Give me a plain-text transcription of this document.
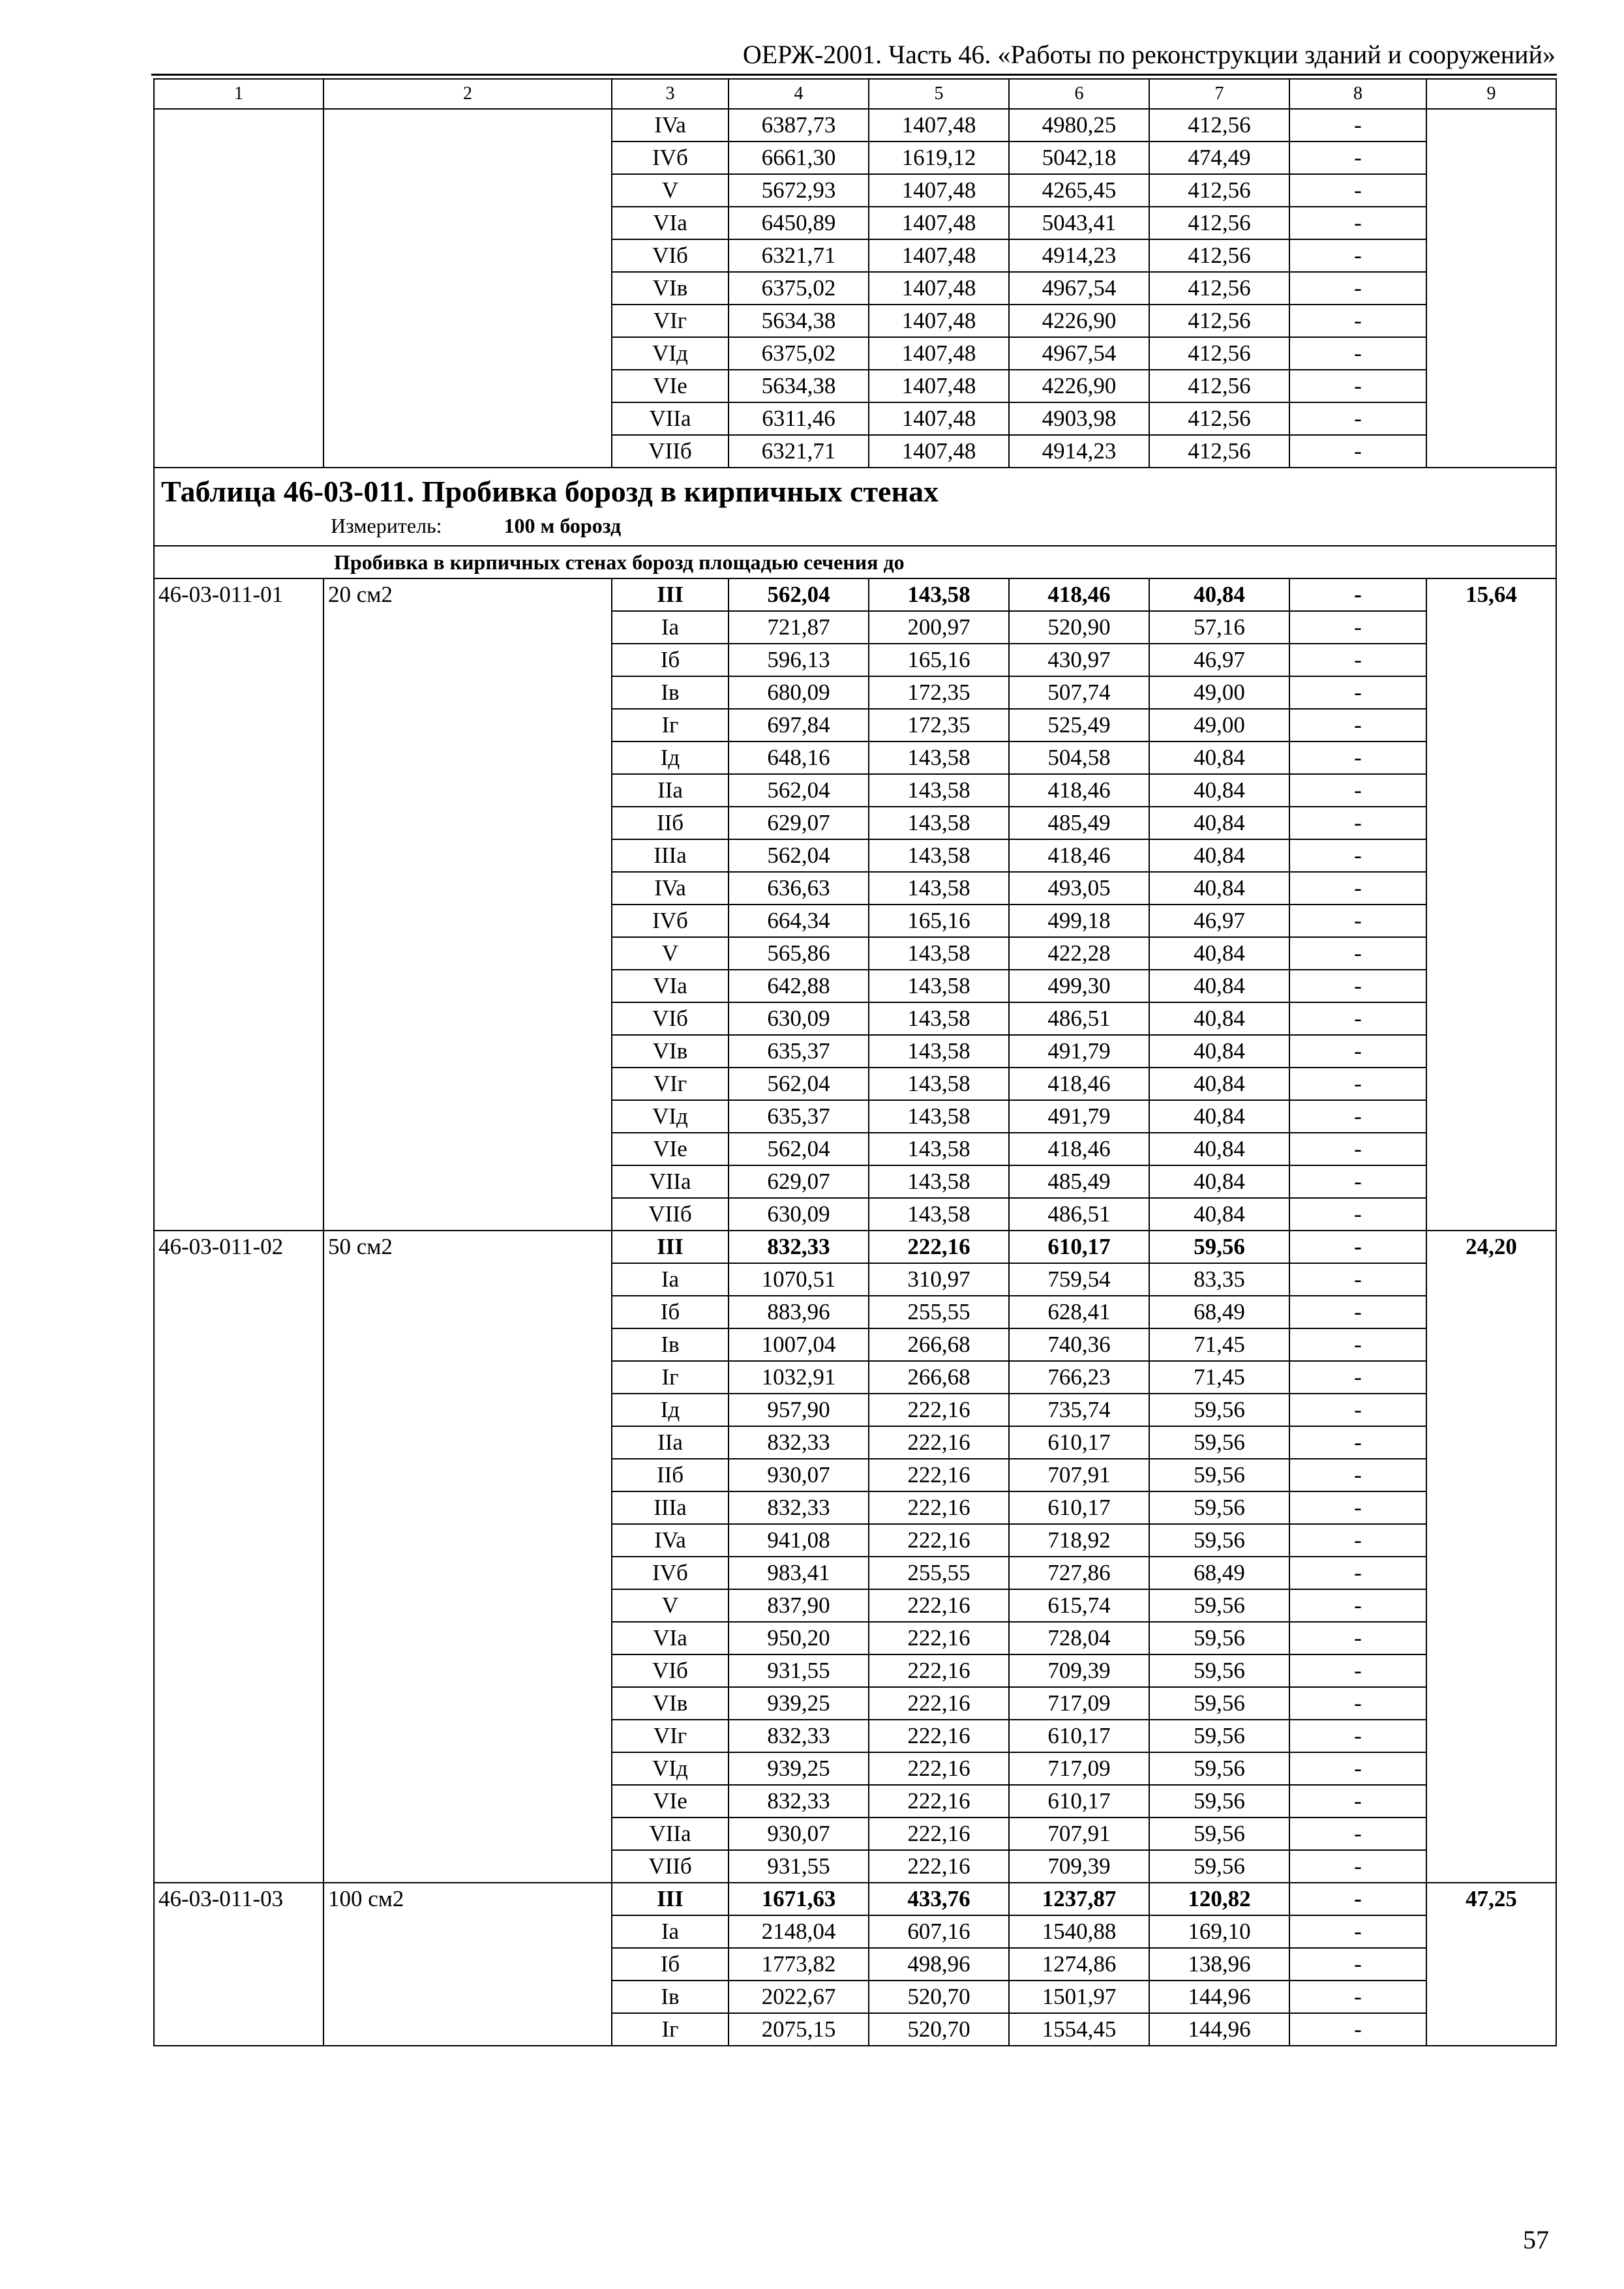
ОЕРЖ-2001. Часть 46. «Работы по реконструкции зданий и сооружений»
1	2	3	4	5	6	7	8	9
		IVa	6387,73	1407,48	4980,25	412,56	-	
		IVб	6661,30	1619,12	5042,18	474,49	-	
		V	5672,93	1407,48	4265,45	412,56	-	
		VIa	6450,89	1407,48	5043,41	412,56	-	
		VIб	6321,71	1407,48	4914,23	412,56	-	
		VIв	6375,02	1407,48	4967,54	412,56	-	
		VIг	5634,38	1407,48	4226,90	412,56	-	
		VIд	6375,02	1407,48	4967,54	412,56	-	
		VIe	5634,38	1407,48	4226,90	412,56	-	
		VIIa	6311,46	1407,48	4903,98	412,56	-	
		VIIб	6321,71	1407,48	4914,23	412,56	-	

Таблица 46-03-011. Пробивка борозд в кирпичных стенах
Измеритель: 100 м борозд								

Пробивка в кирпичных стенах борозд площадью сечения до								
46-03-011-01	20 см2	III	562,04	143,58	418,46	40,84	-	15,64
		Ia	721,87	200,97	520,90	57,16	-	
		Iб	596,13	165,16	430,97	46,97	-	
		Iв	680,09	172,35	507,74	49,00	-	
		Iг	697,84	172,35	525,49	49,00	-	
		Iд	648,16	143,58	504,58	40,84	-	
		IIa	562,04	143,58	418,46	40,84	-	
		IIб	629,07	143,58	485,49	40,84	-	
		IIIa	562,04	143,58	418,46	40,84	-	
		IVa	636,63	143,58	493,05	40,84	-	
		IVб	664,34	165,16	499,18	46,97	-	
		V	565,86	143,58	422,28	40,84	-	
		VIa	642,88	143,58	499,30	40,84	-	
		VIб	630,09	143,58	486,51	40,84	-	
		VIв	635,37	143,58	491,79	40,84	-	
		VIг	562,04	143,58	418,46	40,84	-	
		VIд	635,37	143,58	491,79	40,84	-	
		VIe	562,04	143,58	418,46	40,84	-	
		VIIa	629,07	143,58	485,49	40,84	-	
		VIIб	630,09	143,58	486,51	40,84	-	
46-03-011-02	50 см2	III	832,33	222,16	610,17	59,56	-	24,20
		Ia	1070,51	310,97	759,54	83,35	-	
		Iб	883,96	255,55	628,41	68,49	-	
		Iв	1007,04	266,68	740,36	71,45	-	
		Iг	1032,91	266,68	766,23	71,45	-	
		Iд	957,90	222,16	735,74	59,56	-	
		IIa	832,33	222,16	610,17	59,56	-	
		IIб	930,07	222,16	707,91	59,56	-	
		IIIa	832,33	222,16	610,17	59,56	-	
		IVa	941,08	222,16	718,92	59,56	-	
		IVб	983,41	255,55	727,86	68,49	-	
		V	837,90	222,16	615,74	59,56	-	
		VIa	950,20	222,16	728,04	59,56	-	
		VIб	931,55	222,16	709,39	59,56	-	
		VIв	939,25	222,16	717,09	59,56	-	
		VIг	832,33	222,16	610,17	59,56	-	
		VIд	939,25	222,16	717,09	59,56	-	
		VIe	832,33	222,16	610,17	59,56	-	
		VIIa	930,07	222,16	707,91	59,56	-	
		VIIб	931,55	222,16	709,39	59,56	-	
46-03-011-03	100 см2	III	1671,63	433,76	1237,87	120,82	-	47,25
		Ia	2148,04	607,16	1540,88	169,10	-	
		Iб	1773,82	498,96	1274,86	138,96	-	
		Iв	2022,67	520,70	1501,97	144,96	-	
		Iг	2075,15	520,70	1554,45	144,96	-	
57
